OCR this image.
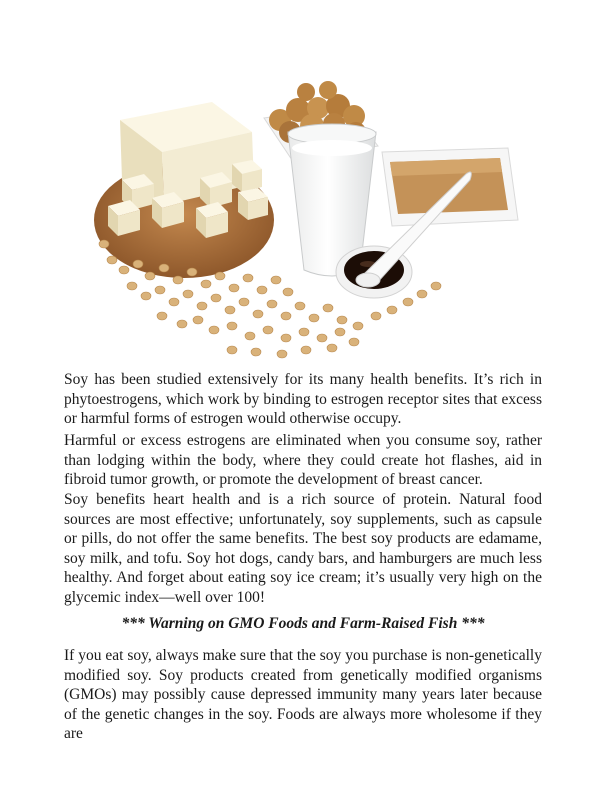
Soy has been studied extensively for its many health benefits. It’s rich in phytoestrogens, which work by binding to estrogen receptor sites that excess or harmful forms of estrogen would otherwise occupy.

Harmful or excess estrogens are eliminated when you consume soy, rather than lodging within the body, where they could create hot flashes, aid in fibroid tumor growth, or promote the development of breast cancer.

Soy benefits heart health and is a rich source of protein. Natural food sources are most effective; unfortunately, soy supplements, such as capsule or pills, do not offer the same benefits. The best soy products are edamame, soy milk, and tofu. Soy hot dogs, candy bars, and hamburgers are much less healthy. And forget about eating soy ice cream; it’s usually very high on the glycemic index—well over 100!

*** Warning on GMO Foods and Farm-Raised Fish ***

If you eat soy, always make sure that the soy you purchase is non-genetically modified soy. Soy products created from genetically modified organisms (GMOs) may possibly cause depressed immunity many years later because of the genetic changes in the soy. Foods are always more wholesome if they are
